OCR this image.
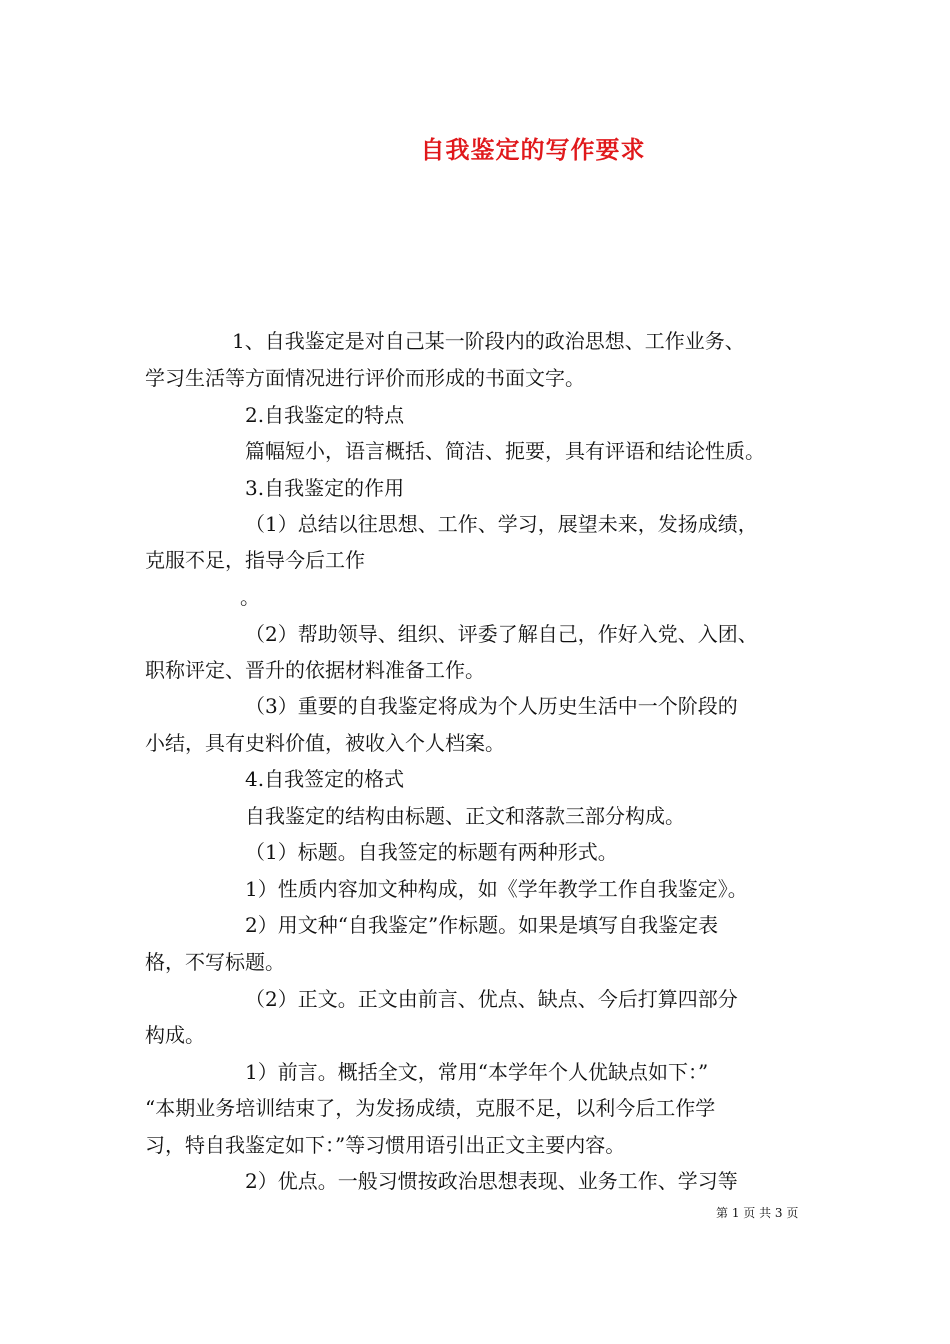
自我鉴定的写作要求
1、自我鉴定是对自己某一阶段内的政治思想、工作业务、
学习生活等方面情况进行评价而形成的书面文字。
2.自我鉴定的特点
篇幅短小，语言概括、简洁、扼要，具有评语和结论性质。
3.自我鉴定的作用
（1）总结以往思想、工作、学习，展望未来，发扬成绩，
克服不足，指导今后工作
。
（2）帮助领导、组织、评委了解自己，作好入党、入团、
职称评定、晋升的依据材料准备工作。
（3）重要的自我鉴定将成为个人历史生活中一个阶段的
小结，具有史料价值，被收入个人档案。
4.自我签定的格式
自我鉴定的结构由标题、正文和落款三部分构成。
（1）标题。自我签定的标题有两种形式。
1）性质内容加文种构成，如《学年教学工作自我鉴定》。
2）用文种“自我鉴定”作标题。如果是填写自我鉴定表
格，不写标题。
（2）正文。正文由前言、优点、缺点、今后打算四部分
构成。
1）前言。概括全文，常用“本学年个人优缺点如下：”
“本期业务培训结束了，为发扬成绩，克服不足，以利今后工作学
习，特自我鉴定如下：”等习惯用语引出正文主要内容。
2）优点。一般习惯按政治思想表现、业务工作、学习等
第 1 页 共 3 页
